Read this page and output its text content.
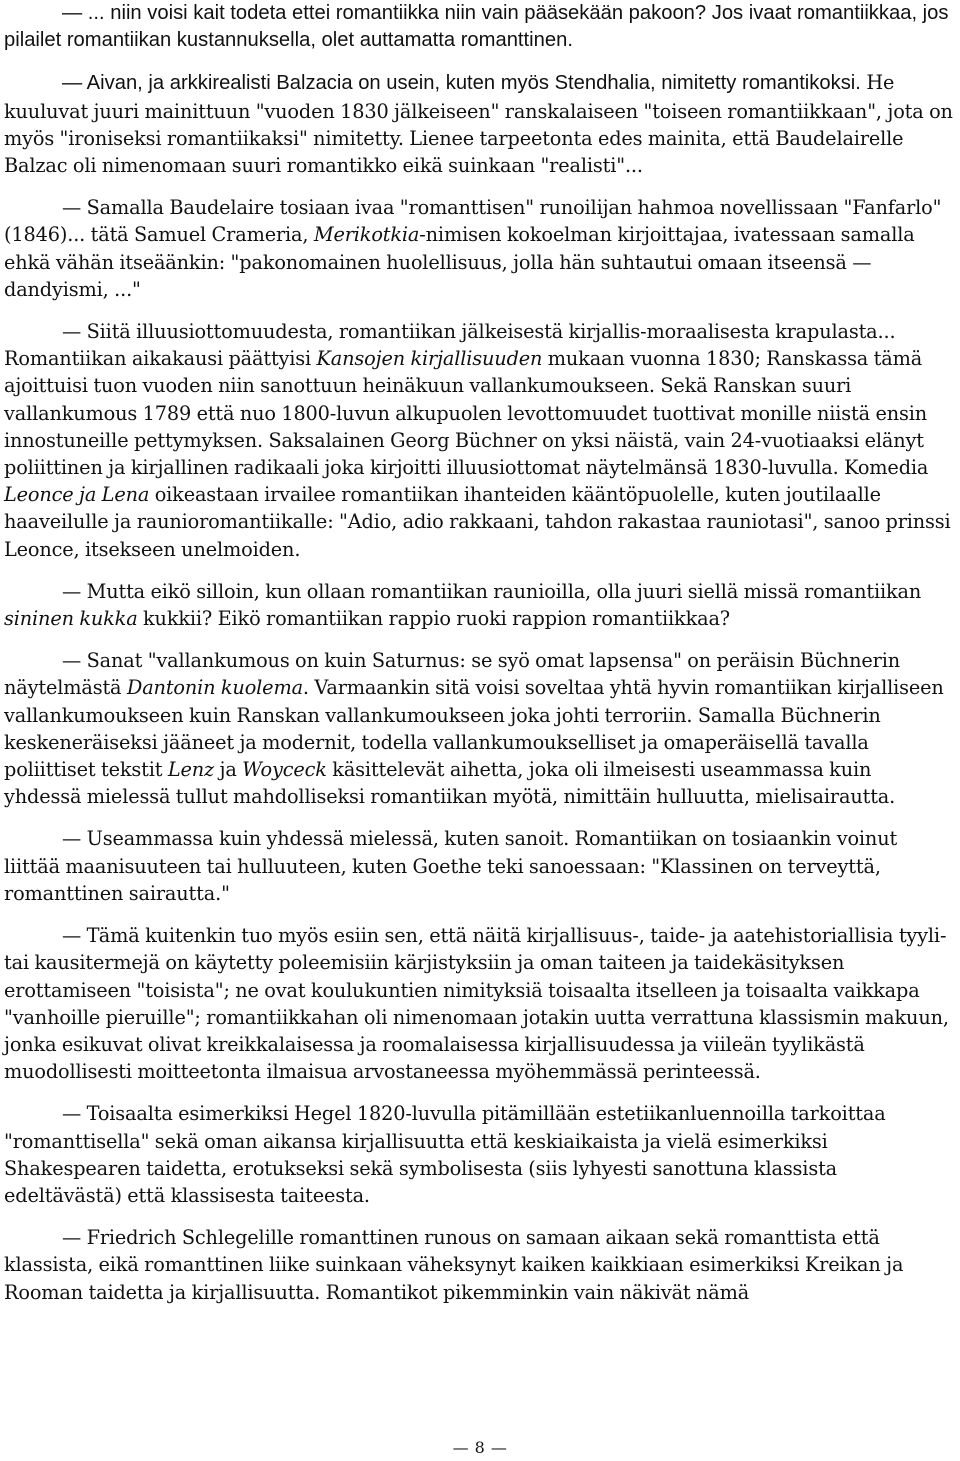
— ... niin voisi kait todeta ettei romantiikka niin vain pääsekään pakoon? Jos ivaat romantiikkaa, jos pilailet romantiikan kustannuksella, olet auttamatta romanttinen.

— Aivan, ja arkkirealisti Balzacia on usein, kuten myös Stendhalia, nimitetty romantikoksi. He kuuluvat juuri mainittuun "vuoden 1830 jälkeiseen" ranskalaiseen "toiseen romantiikkaan", jota on myös "ironiseksi romantiikaksi" nimitetty. Lienee tarpeetonta edes mainita, että Baudelairelle Balzac oli nimenomaan suuri romantikko eikä suinkaan "realisti"...

— Samalla Baudelaire tosiaan ivaa "romanttisen" runoilijan hahmoa novellissaan "Fanfarlo" (1846)... tätä Samuel Crameria, Merikotkia-nimisen kokoelman kirjoittajaa, ivatessaan samalla ehkä vähän itseäänkin: "pakonomainen huolellisuus, jolla hän suhtautui omaan itseensä — dandyismi, ..."

— Siitä illuusiottomuudesta, romantiikan jälkeisestä kirjallis-moraalisesta krapulasta... Romantiikan aikakausi päättyisi Kansojen kirjallisuuden mukaan vuonna 1830; Ranskassa tämä ajoittuisi tuon vuoden niin sanottuun heinäkuun vallankumoukseen. Sekä Ranskan suuri vallankumous 1789 että nuo 1800-luvun alkupuolen levottomuudet tuottivat monille niistä ensin innostuneille pettymyksen. Saksalainen Georg Büchner on yksi näistä, vain 24-vuotiaaksi elänyt poliittinen ja kirjallinen radikaali joka kirjoitti illuusiottomat näytelmänsä 1830-luvulla. Komedia Leonce ja Lena oikeastaan irvailee romantiikan ihanteiden kääntöpuolelle, kuten joutilaalle haaveilulle ja raunioromantiikalle: "Adio, adio rakkaani, tahdon rakastaa rauniotasi", sanoo prinssi Leonce, itsekseen unelmoiden.

— Mutta eikö silloin, kun ollaan romantiikan raunioilla, olla juuri siellä missä romantiikan sininen kukka kukkii? Eikö romantiikan rappio ruoki rappion romantiikkaa?

— Sanat "vallankumous on kuin Saturnus: se syö omat lapsensa" on peräisin Büchnerin näytelmästä Dantonin kuolema. Varmaankin sitä voisi soveltaa yhtä hyvin romantiikan kirjalliseen vallankumoukseen kuin Ranskan vallankumoukseen joka johti terroriin. Samalla Büchnerin keskeneräiseksi jääneet ja modernit, todella vallankumoukselliset ja omaperäisellä tavalla poliittiset tekstit Lenz ja Woyceck käsittelevät aihetta, joka oli ilmeisesti useammassa kuin yhdessä mielessä tullut mahdolliseksi romantiikan myötä, nimittäin hulluutta, mielisairautta.

— Useammassa kuin yhdessä mielessä, kuten sanoit. Romantiikan on tosiaankin voinut liittää maanisuuteen tai hulluuteen, kuten Goethe teki sanoessaan: "Klassinen on terveyttä, romanttinen sairautta."

— Tämä kuitenkin tuo myös esiin sen, että näitä kirjallisuus-, taide- ja aatehistoriallisia tyyli- tai kausitermejä on käytetty poleemisiin kärjistyksiin ja oman taiteen ja taidekäsityksen erottamiseen "toisista"; ne ovat koulukuntien nimityksiä toisaalta itselleen ja toisaalta vaikkapa "vanhoille pieruille"; romantiikkahan oli nimenomaan jotakin uutta verrattuna klassismin makuun, jonka esikuvat olivat kreikkalaisessa ja roomalaisessa kirjallisuudessa ja viileän tyylikästä muodollisesti moitteetonta ilmaisua arvostaneessa myöhemmässä perinteessä.

— Toisaalta esimerkiksi Hegel 1820-luvulla pitämillään estetiikanluennoilla tarkoittaa "romanttisella" sekä oman aikansa kirjallisuutta että keskiaikaista ja vielä esimerkiksi Shakespearen taidetta, erotukseksi sekä symbolisesta (siis lyhyesti sanottuna klassista edeltävästä) että klassisesta taiteesta.

— Friedrich Schlegelille romanttinen runous on samaan aikaan sekä romanttista että klassista, eikä romanttinen liike suinkaan väheksynyt kaiken kaikkiaan esimerkiksi Kreikan ja Rooman taidetta ja kirjallisuutta. Romantikot pikemminkin vain näkivät nämä

— 8 —
